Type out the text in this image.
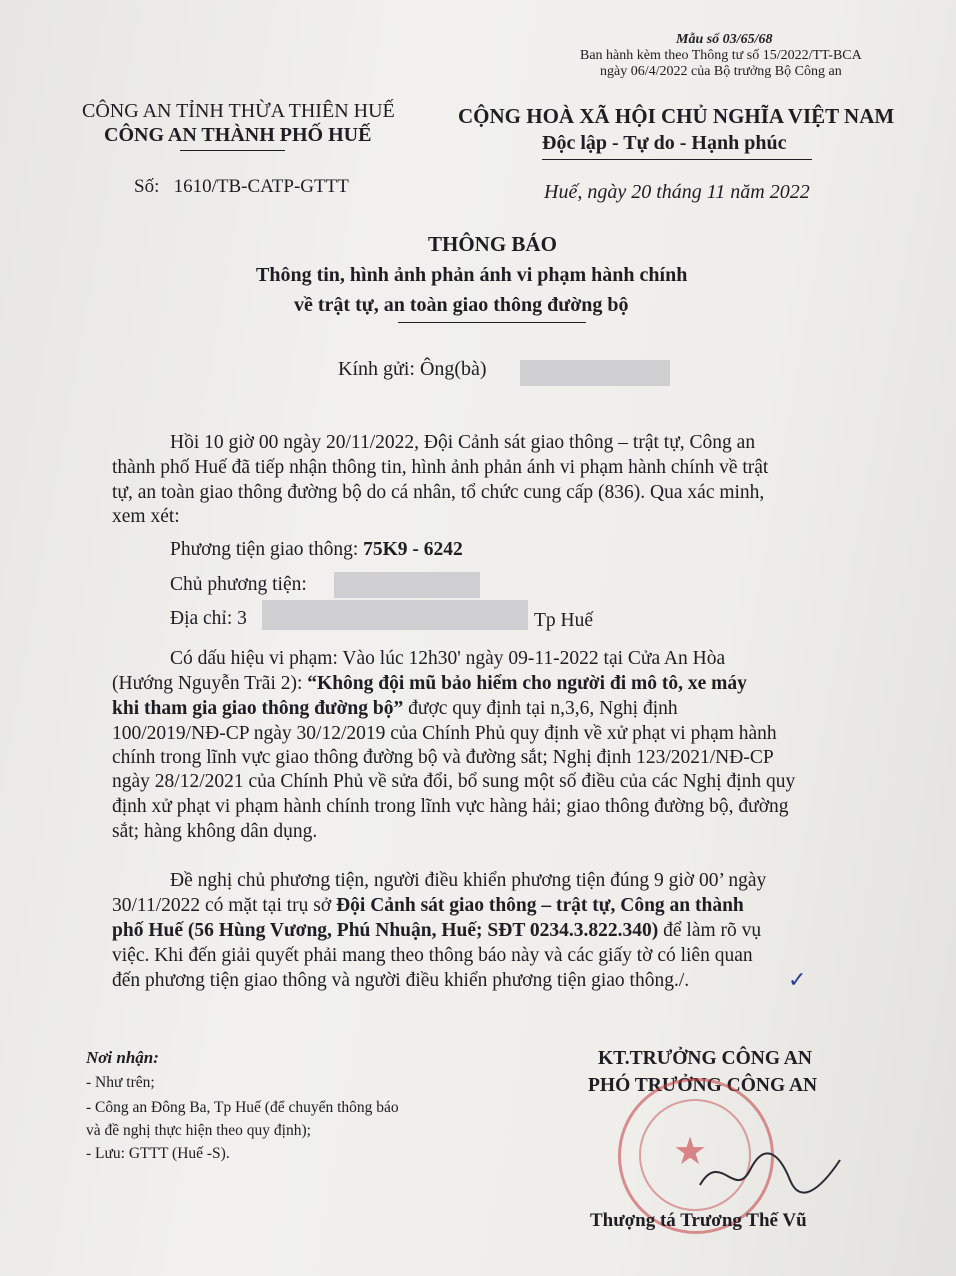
Mẫu số 03/65/68
Ban hành kèm theo Thông tư số 15/2022/TT-BCA
ngày 06/4/2022 của Bộ trưởng Bộ Công an
CÔNG AN TỈNH THỪA THIÊN HUẾ
CÔNG AN THÀNH PHỐ HUẾ
Số: 1610/TB-CATP-GTTT
CỘNG HOÀ XÃ HỘI CHỦ NGHĨA VIỆT NAM
Độc lập - Tự do - Hạnh phúc
Huế, ngày 20 tháng 11 năm 2022
THÔNG BÁO
Thông tin, hình ảnh phản ánh vi phạm hành chính
về trật tự, an toàn giao thông đường bộ
Kính gửi: Ông(bà)
Hồi 10 giờ 00 ngày 20/11/2022, Đội Cảnh sát giao thông – trật tự, Công an
thành phố Huế đã tiếp nhận thông tin, hình ảnh phản ánh vi phạm hành chính về trật
tự, an toàn giao thông đường bộ do cá nhân, tổ chức cung cấp (836). Qua xác minh,
xem xét:
Phương tiện giao thông: 75K9 - 6242
Chủ phương tiện:
Địa chỉ: 3	Tp Huế
Có dấu hiệu vi phạm: Vào lúc 12h30' ngày 09-11-2022 tại Cửa An Hòa
(Hướng Nguyễn Trãi 2): “Không đội mũ bảo hiểm cho người đi mô tô, xe máy
khi tham gia giao thông đường bộ” được quy định tại n,3,6, Nghị định
100/2019/NĐ-CP ngày 30/12/2019 của Chính Phủ quy định về xử phạt vi phạm hành
chính trong lĩnh vực giao thông đường bộ và đường sắt; Nghị định 123/2021/NĐ-CP
ngày 28/12/2021 của Chính Phủ về sửa đổi, bổ sung một số điều của các Nghị định quy
định xử phạt vi phạm hành chính trong lĩnh vực hàng hải; giao thông đường bộ, đường
sắt; hàng không dân dụng.
Đề nghị chủ phương tiện, người điều khiển phương tiện đúng 9 giờ 00’ ngày
30/11/2022 có mặt tại trụ sở Đội Cảnh sát giao thông – trật tự, Công an thành
phố Huế (56 Hùng Vương, Phú Nhuận, Huế; SĐT 0234.3.822.340) để làm rõ vụ
việc. Khi đến giải quyết phải mang theo thông báo này và các giấy tờ có liên quan
đến phương tiện giao thông và người điều khiển phương tiện giao thông./.
Nơi nhận:
- Như trên;
- Công an Đông Ba, Tp Huế (để chuyển thông báo
và đề nghị thực hiện theo quy định);
- Lưu: GTTT (Huế -S).
KT.TRƯỞNG CÔNG AN
PHÓ TRƯỞNG CÔNG AN
★
Thượng tá Trương Thế Vũ
✓
